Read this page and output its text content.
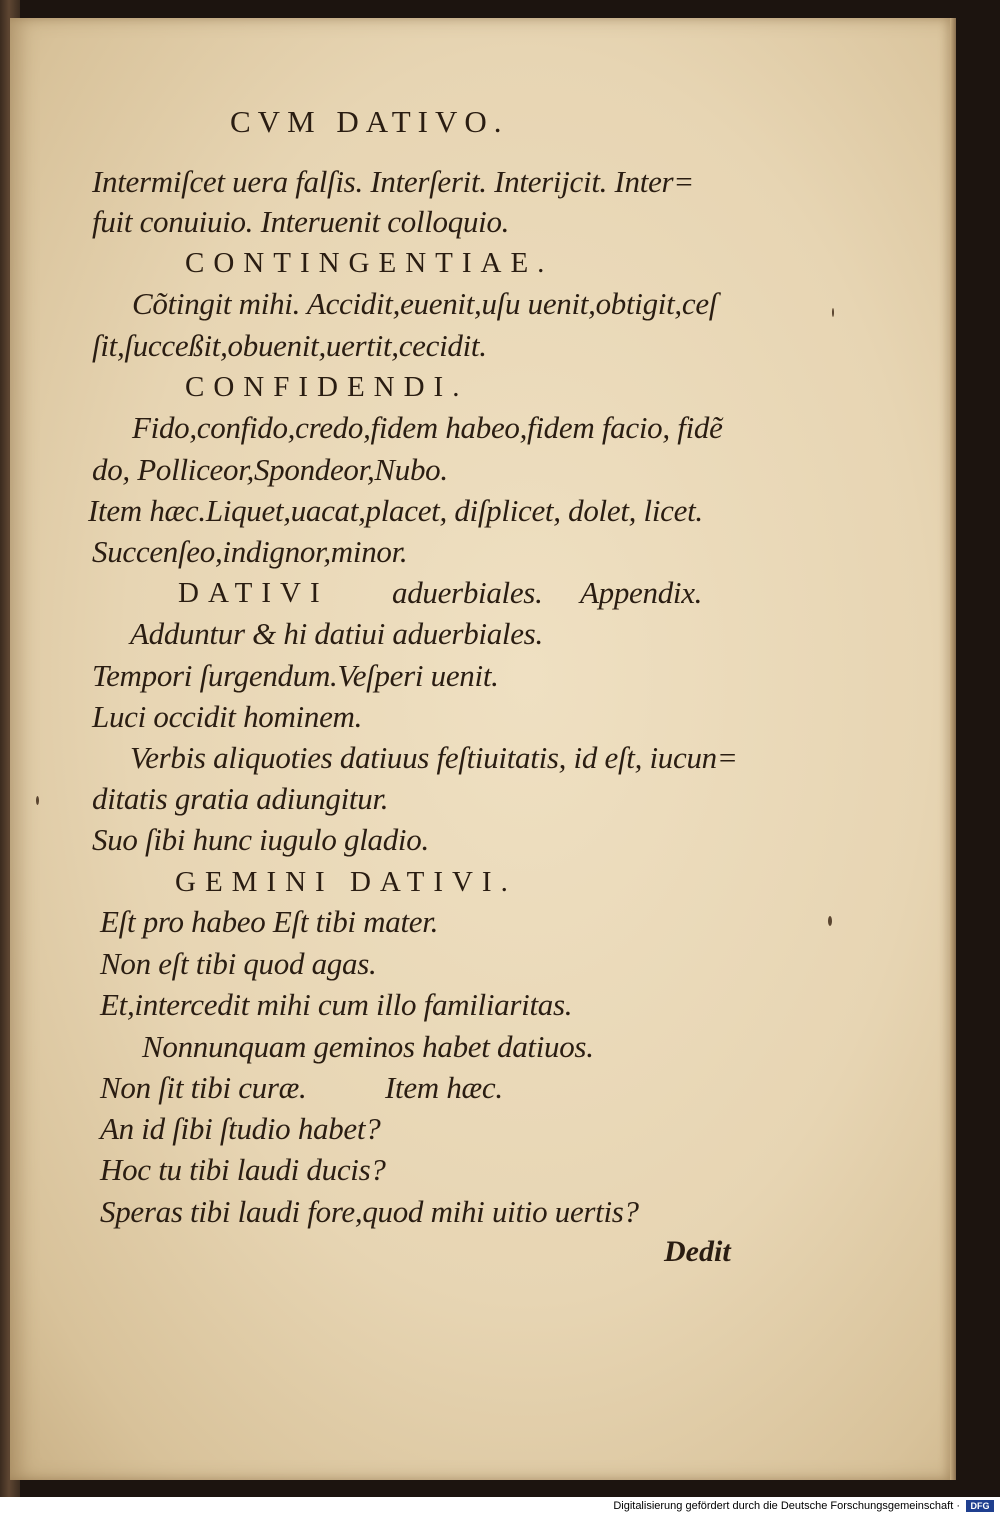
CVM DATIVO.
Intermiſcet uera falſis. Interſerit. Interijcit. Inter=
fuit conuiuio. Interuenit colloquio.
CONTINGENTIAE.
Cõtingit mihi. Accidit,euenit,uſu uenit,obtigit,ceſ
ſit,ſucceßit,obuenit,uertit,cecidit.
CONFIDENDI.
Fido,confido,credo,fidem habeo,fidem facio, fidẽ
do, Polliceor,Spondeor,Nubo.
Item hæc.Liquet,uacat,placet, diſplicet, dolet, licet.
Succenſeo,indignor,minor.
DATIVI aduerbiales. Appendix.
Adduntur & hi datiui aduerbiales.
Tempori ſurgendum.Veſperi uenit.
Luci occidit hominem.
Verbis aliquoties datiuus feſtiuitatis, id eſt, iucun=
ditatis gratia adiungitur.
Suo ſibi hunc iugulo gladio.
GEMINI DATIVI.
Eſt pro habeo Eſt tibi mater.
Non eſt tibi quod agas.
Et,intercedit mihi cum illo familiaritas.
Nonnunquam geminos habet datiuos.
Non ſit tibi curæ.	Item hæc.
An id ſibi ſtudio habet?
Hoc tu tibi laudi ducis?
Speras tibi laudi fore,quod mihi uitio uertis?
Dedit
Digitalisierung gefördert durch die Deutsche Forschungsgemeinschaft ·	DFG
